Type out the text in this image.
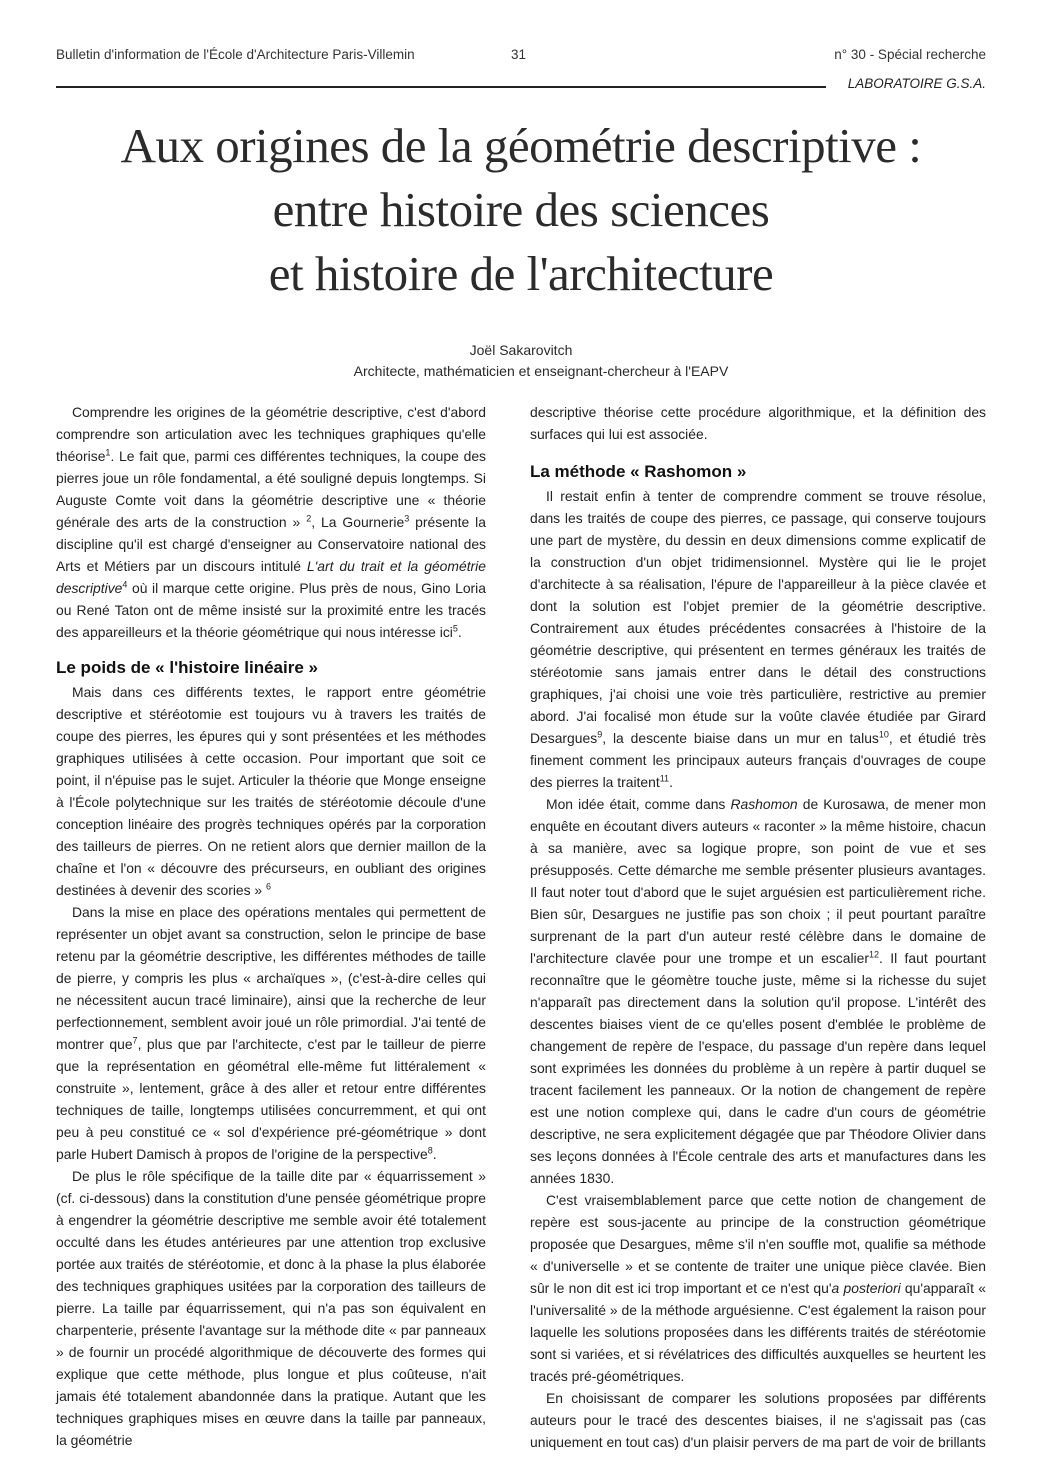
Bulletin d'information de l'École d'Architecture Paris-Villemin	31	n° 30 - Spécial recherche
LABORATOIRE G.S.A.
Aux origines de la géométrie descriptive :
entre histoire des sciences
et histoire de l'architecture
Joël Sakarovitch
Architecte, mathématicien et enseignant-chercheur à l'EAPV

Comprendre les origines de la géométrie descriptive, c'est d'abord comprendre son articulation avec les techniques graphiques qu'elle théorise$^1$. Le fait que, parmi ces différentes techniques, la coupe des pierres joue un rôle fondamental, a été souligné depuis longtemps. Si Auguste Comte voit dans la géométrie descriptive une « théorie générale des arts de la construction » $^2$, La Gournerie$^3$ présente la discipline qu'il est chargé d'enseigner au Conservatoire national des Arts et Métiers par un discours intitulé L'art du trait et la géométrie descriptive$^4$ où il marque cette origine. Plus près de nous, Gino Loria ou René Taton ont de même insisté sur la proximité entre les tracés des appareilleurs et la théorie géométrique qui nous intéresse ici$^5$.

Le poids de « l'histoire linéaire »

Mais dans ces différents textes, le rapport entre géométrie descriptive et stéréotomie est toujours vu à travers les traités de coupe des pierres, les épures qui y sont présentées et les méthodes graphiques utilisées à cette occasion. Pour important que soit ce point, il n'épuise pas le sujet. Articuler la théorie que Monge enseigne à l'École polytechnique sur les traités de stéréotomie découle d'une conception linéaire des progrès techniques opérés par la corporation des tailleurs de pierres. On ne retient alors que dernier maillon de la chaîne et l'on « découvre des précurseurs, en oubliant des origines destinées à devenir des scories » $^6$

Dans la mise en place des opérations mentales qui permettent de représenter un objet avant sa construction, selon le principe de base retenu par la géométrie descriptive, les différentes méthodes de taille de pierre, y compris les plus « archaïques », (c'est-à-dire celles qui ne nécessitent aucun tracé liminaire), ainsi que la recherche de leur perfectionnement, semblent avoir joué un rôle primordial. J'ai tenté de montrer que$^7$, plus que par l'architecte, c'est par le tailleur de pierre que la représentation en géométral elle-même fut littéralement « construite », lentement, grâce à des aller et retour entre différentes techniques de taille, longtemps utilisées concurremment, et qui ont peu à peu constitué ce « sol d'expérience pré-géométrique » dont parle Hubert Damisch à propos de l'origine de la perspective$^8$.

De plus le rôle spécifique de la taille dite par « équarrissement » (cf. ci-dessous) dans la constitution d'une pensée géométrique propre à engendrer la géométrie descriptive me semble avoir été totalement occulté dans les études antérieures par une attention trop exclusive portée aux traités de stéréotomie, et donc à la phase la plus élaborée des techniques graphiques usitées par la corporation des tailleurs de pierre. La taille par équarrissement, qui n'a pas son équivalent en charpenterie, présente l'avantage sur la méthode dite « par panneaux » de fournir un procédé algorithmique de découverte des formes qui explique que cette méthode, plus longue et plus coûteuse, n'ait jamais été totalement abandonnée dans la pratique. Autant que les techniques graphiques mises en œuvre dans la taille par panneaux, la géométrie

descriptive théorise cette procédure algorithmique, et la définition des surfaces qui lui est associée.

La méthode « Rashomon »

Il restait enfin à tenter de comprendre comment se trouve résolue, dans les traités de coupe des pierres, ce passage, qui conserve toujours une part de mystère, du dessin en deux dimensions comme explicatif de la construction d'un objet tridimensionnel. Mystère qui lie le projet d'architecte à sa réalisation, l'épure de l'appareilleur à la pièce clavée et dont la solution est l'objet premier de la géométrie descriptive. Contrairement aux études précédentes consacrées à l'histoire de la géométrie descriptive, qui présentent en termes généraux les traités de stéréotomie sans jamais entrer dans le détail des constructions graphiques, j'ai choisi une voie très particulière, restrictive au premier abord. J'ai focalisé mon étude sur la voûte clavée étudiée par Girard Desargues$^9$, la descente biaise dans un mur en talus$^{10}$, et étudié très finement comment les principaux auteurs français d'ouvrages de coupe des pierres la traitent$^{11}$.

Mon idée était, comme dans Rashomon de Kurosawa, de mener mon enquête en écoutant divers auteurs « raconter » la même histoire, chacun à sa manière, avec sa logique propre, son point de vue et ses présupposés. Cette démarche me semble présenter plusieurs avantages. Il faut noter tout d'abord que le sujet arguésien est particulièrement riche. Bien sûr, Desargues ne justifie pas son choix ; il peut pourtant paraître surprenant de la part d'un auteur resté célèbre dans le domaine de l'architecture clavée pour une trompe et un escalier$^{12}$. Il faut pourtant reconnaître que le géomètre touche juste, même si la richesse du sujet n'apparaît pas directement dans la solution qu'il propose. L'intérêt des descentes biaises vient de ce qu'elles posent d'emblée le problème de changement de repère de l'espace, du passage d'un repère dans lequel sont exprimées les données du problème à un repère à partir duquel se tracent facilement les panneaux. Or la notion de changement de repère est une notion complexe qui, dans le cadre d'un cours de géométrie descriptive, ne sera explicitement dégagée que par Théodore Olivier dans ses leçons données à l'École centrale des arts et manufactures dans les années 1830.

C'est vraisemblablement parce que cette notion de changement de repère est sous-jacente au principe de la construction géométrique proposée que Desargues, même s'il n'en souffle mot, qualifie sa méthode « d'universelle » et se contente de traiter une unique pièce clavée. Bien sûr le non dit est ici trop important et ce n'est qu'a posteriori qu'apparaît « l'universalité » de la méthode arguésienne. C'est également la raison pour laquelle les solutions proposées dans les différents traités de stéréotomie sont si variées, et si révélatrices des difficultés auxquelles se heurtent les tracés pré-géométriques.

En choisissant de comparer les solutions proposées par différents auteurs pour le tracé des descentes biaises, il ne s'agissait pas (cas uniquement en tout cas) d'un plaisir pervers de ma part de voir de brillants
